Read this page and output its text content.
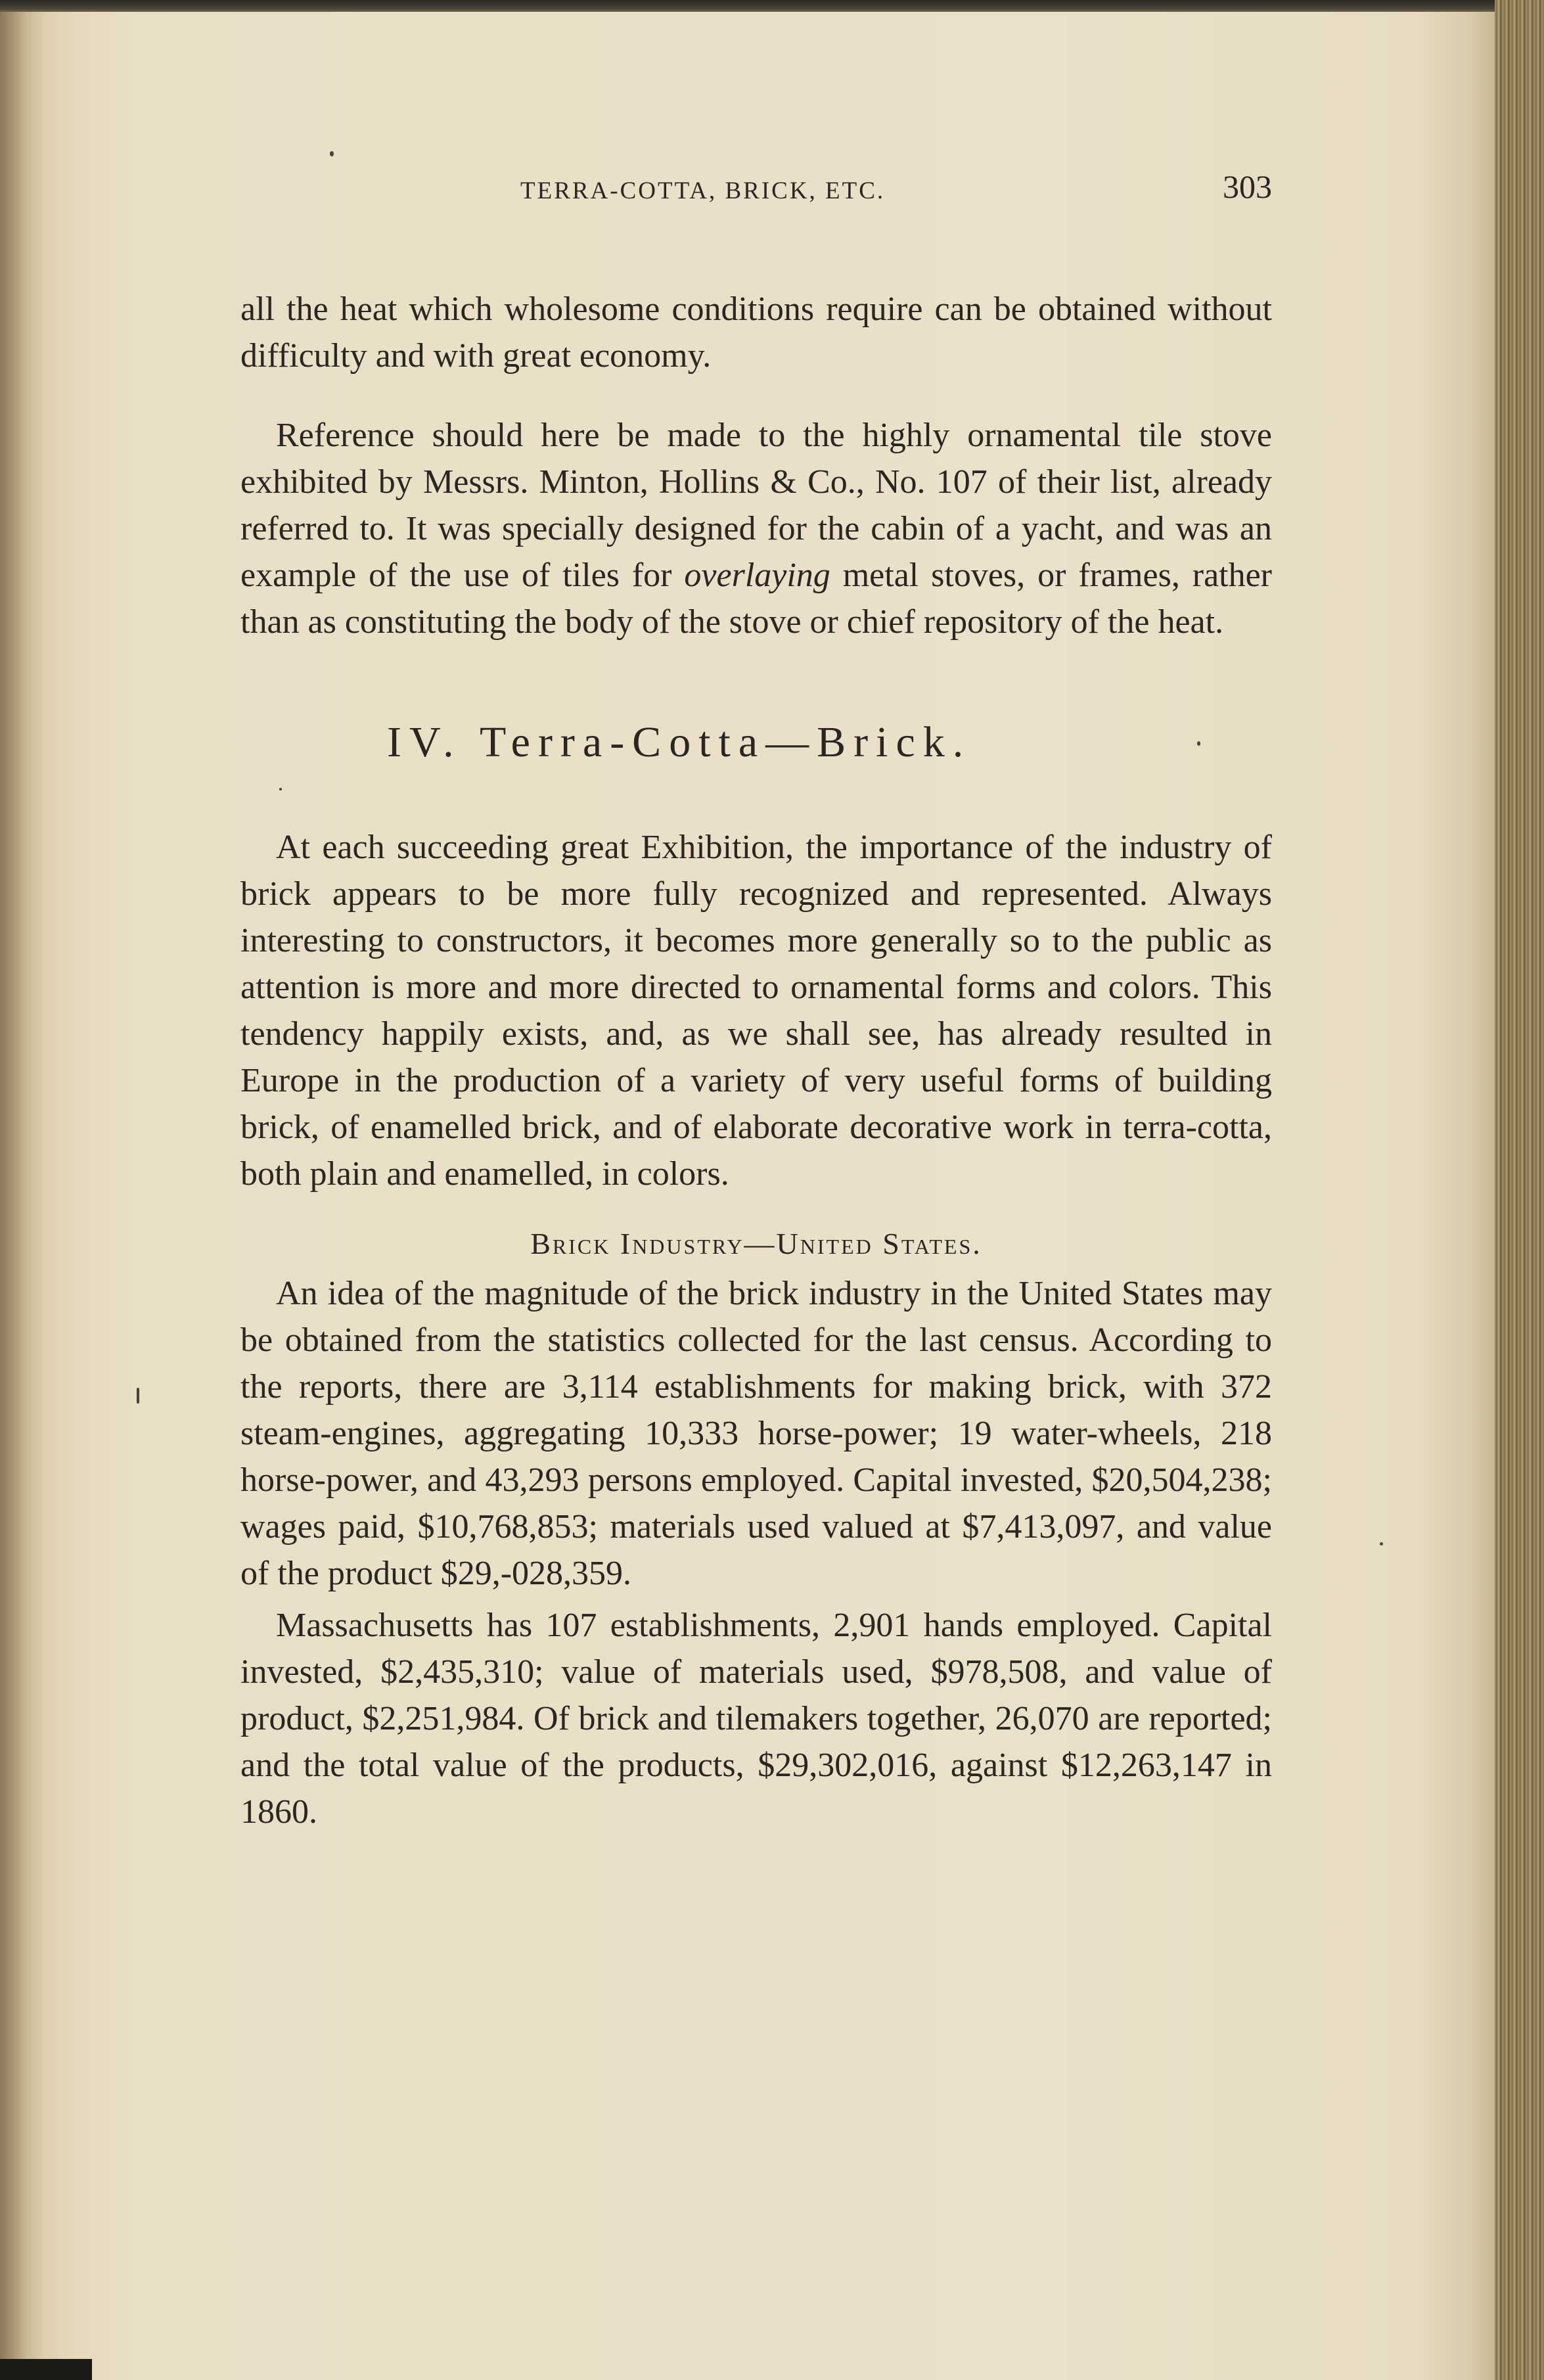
TERRA-COTTA, BRICK, ETC.	303

all the heat which wholesome conditions require can be obtained without difficulty and with great economy.

Reference should here be made to the highly ornamental tile stove exhibited by Messrs. Minton, Hollins & Co., No. 107 of their list, already referred to. It was specially designed for the cabin of a yacht, and was an example of the use of tiles for overlaying metal stoves, or frames, rather than as constituting the body of the stove or chief repository of the heat.

IV. Terra-Cotta—Brick.

At each succeeding great Exhibition, the importance of the industry of brick appears to be more fully recognized and represented. Always interesting to constructors, it becomes more generally so to the public as attention is more and more directed to ornamental forms and colors. This tendency happily exists, and, as we shall see, has already resulted in Europe in the production of a variety of very useful forms of building brick, of enamelled brick, and of elaborate decorative work in terra-cotta, both plain and enamelled, in colors.

Brick Industry—United States.

An idea of the magnitude of the brick industry in the United States may be obtained from the statistics collected for the last census. According to the reports, there are 3,114 establishments for making brick, with 372 steam-engines, aggregating 10,333 horse-power; 19 water-wheels, 218 horse-power, and 43,293 persons employed. Capital invested, $20,504,238; wages paid, $10,768,853; materials used valued at $7,413,097, and value of the product $29,-028,359.

Massachusetts has 107 establishments, 2,901 hands employed. Capital invested, $2,435,310; value of materials used, $978,508, and value of product, $2,251,984. Of brick and tilemakers together, 26,070 are reported; and the total value of the products, $29,302,016, against $12,263,147 in 1860.
